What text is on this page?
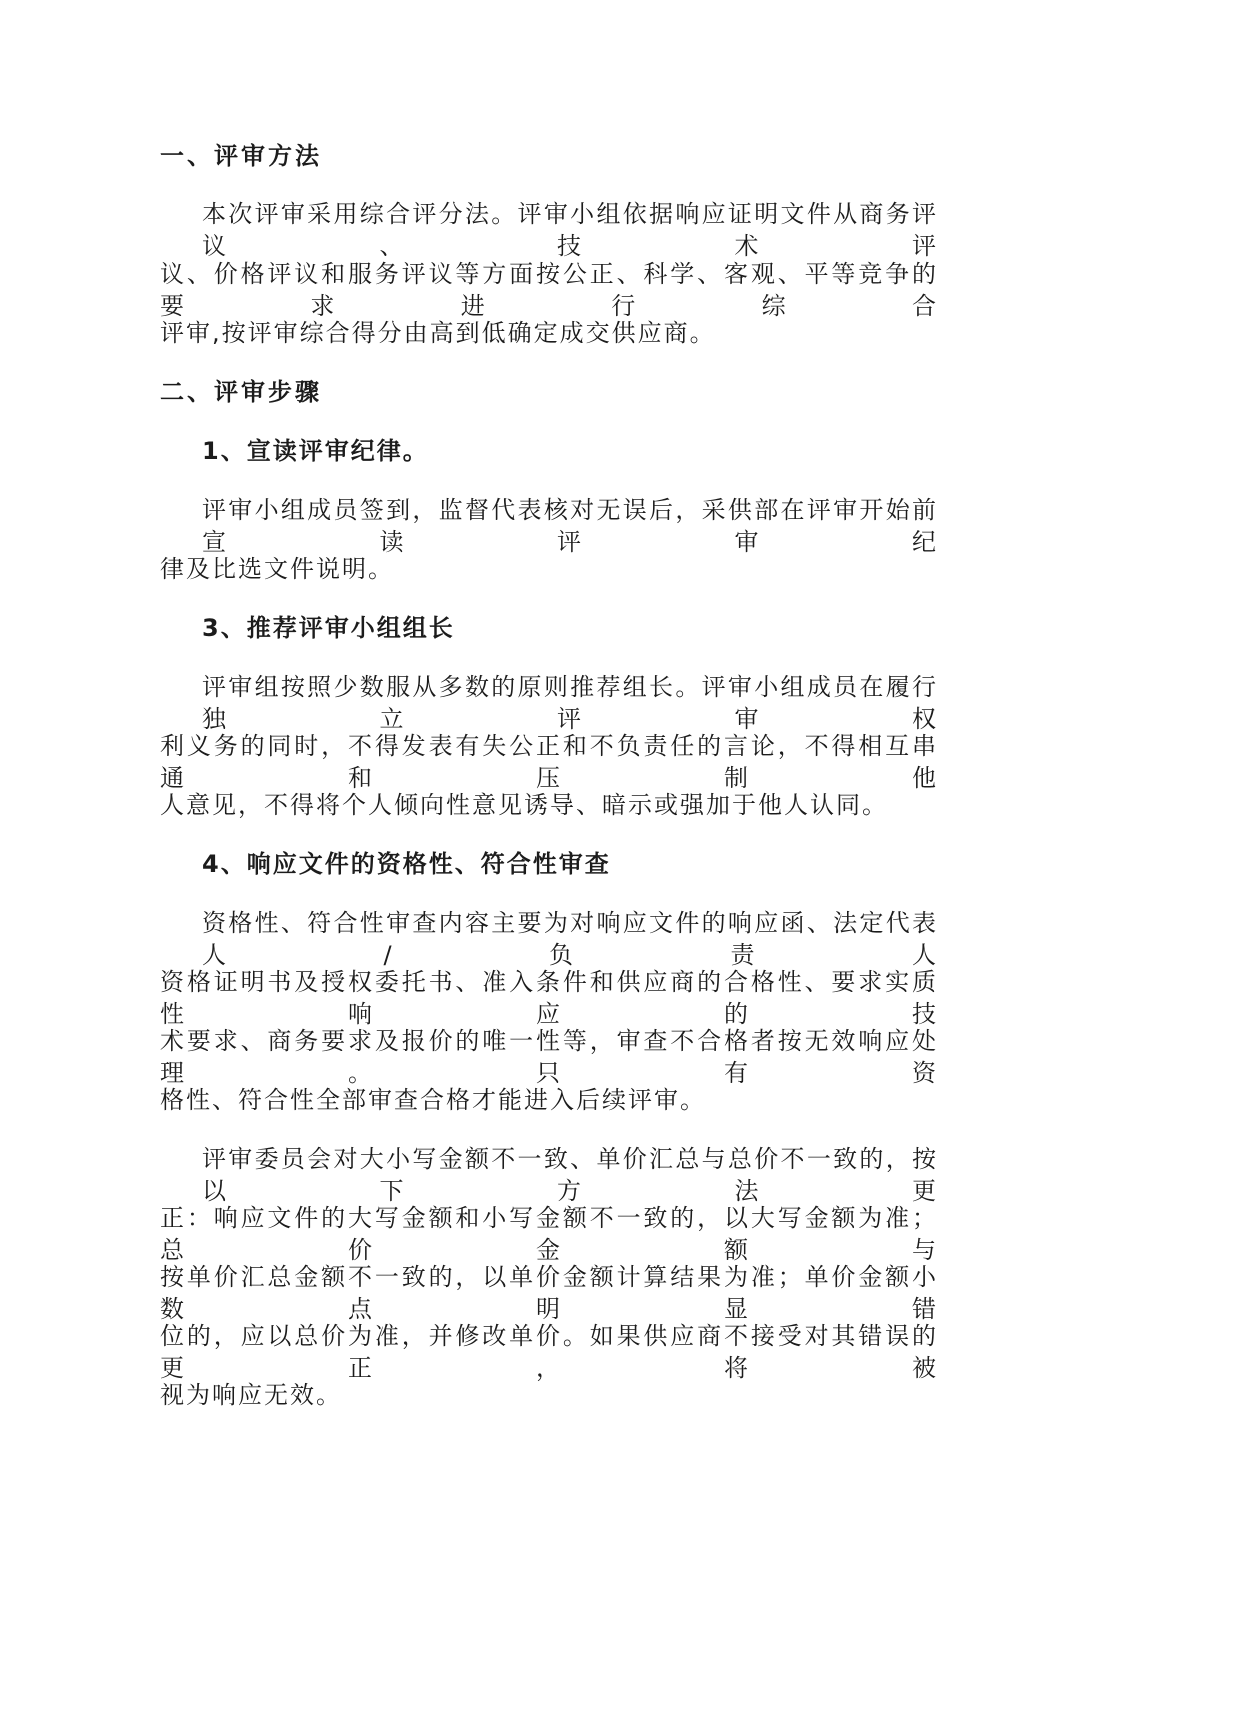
一、评审方法
本次评审采用综合评分法。评审小组依据响应证明文件从商务评议、技术评
议、价格评议和服务评议等方面按公正、科学、客观、平等竞争的要求进行综合
评审,按评审综合得分由高到低确定成交供应商。
二、评审步骤
1、宣读评审纪律。
评审小组成员签到，监督代表核对无误后，采供部在评审开始前宣读评审纪
律及比选文件说明。
3、推荐评审小组组长
评审组按照少数服从多数的原则推荐组长。评审小组成员在履行独立评审权
利义务的同时，不得发表有失公正和不负责任的言论，不得相互串通和压制他
人意见，不得将个人倾向性意见诱导、暗示或强加于他人认同。
4、响应文件的资格性、符合性审查
资格性、符合性审查内容主要为对响应文件的响应函、法定代表人/负责人
资格证明书及授权委托书、准入条件和供应商的合格性、要求实质性响应的技
术要求、商务要求及报价的唯一性等，审查不合格者按无效响应处理。只有资
格性、符合性全部审查合格才能进入后续评审。
评审委员会对大小写金额不一致、单价汇总与总价不一致的，按以下方法更
正：响应文件的大写金额和小写金额不一致的，以大写金额为准；总价金额与
按单价汇总金额不一致的，以单价金额计算结果为准；单价金额小数点明显错
位的，应以总价为准，并修改单价。如果供应商不接受对其错误的更正，将被
视为响应无效。
